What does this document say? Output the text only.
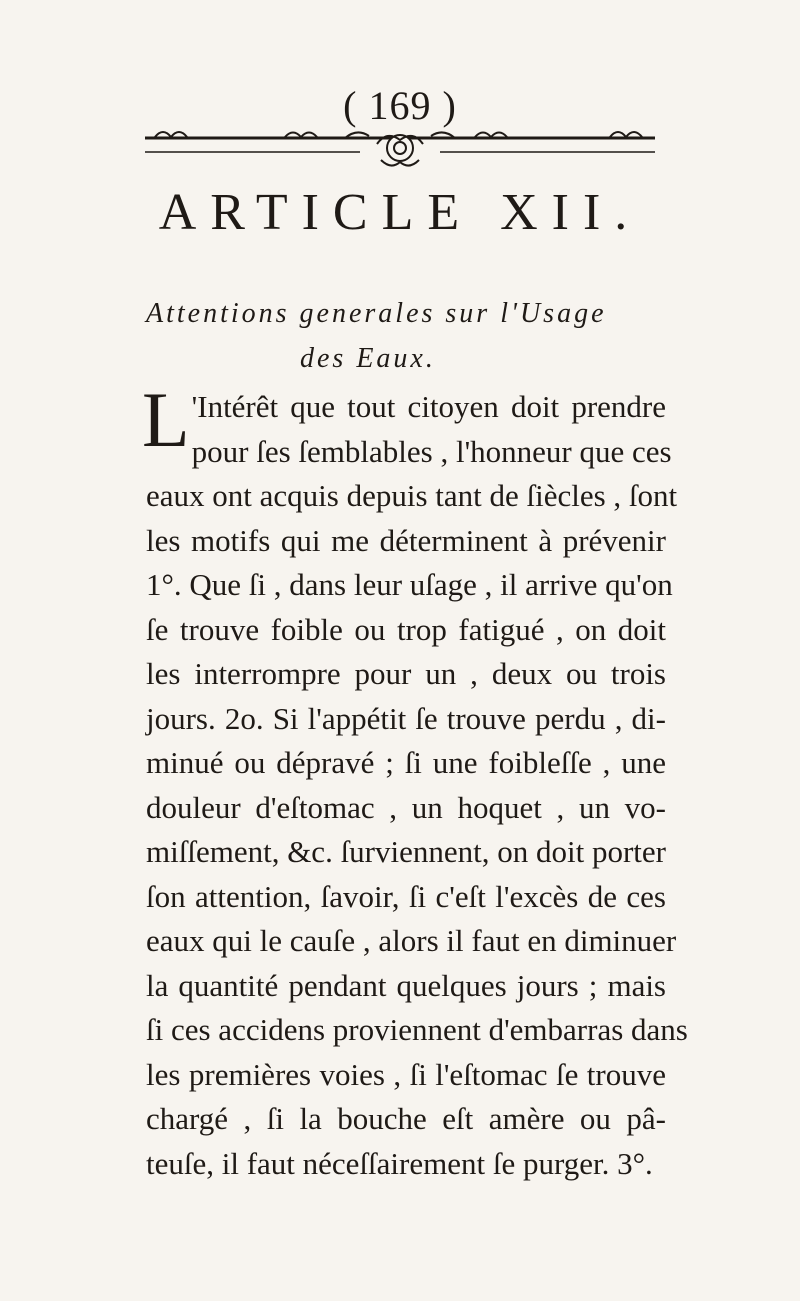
( 169 )
ARTICLE XII.
Attentions generales sur l'Usage
des Eaux.
L 'Intérêt que tout citoyen doit prendre
pour ſes ſemblables , l'honneur que ces
eaux ont acquis depuis tant de ſiècles , ſont
les motifs qui me déterminent à prévenir
1°. Que ſi , dans leur uſage , il arrive qu'on
ſe trouve foible ou trop fatigué , on doit
les interrompre pour un , deux ou trois
jours. 2o. Si l'appétit ſe trouve perdu , di-
minué ou dépravé ; ſi une foibleſſe , une
douleur d'eſtomac , un hoquet , un vo-
miſſement, &c. ſurviennent, on doit porter
ſon attention, ſavoir, ſi c'eſt l'excès de ces
eaux qui le cauſe , alors il faut en diminuer
la quantité pendant quelques jours ; mais
ſi ces accidens proviennent d'embarras dans
les premières voies , ſi l'eſtomac ſe trouve
chargé , ſi la bouche eſt amère ou pâ-
teuſe, il faut néceſſairement ſe purger. 3°.
